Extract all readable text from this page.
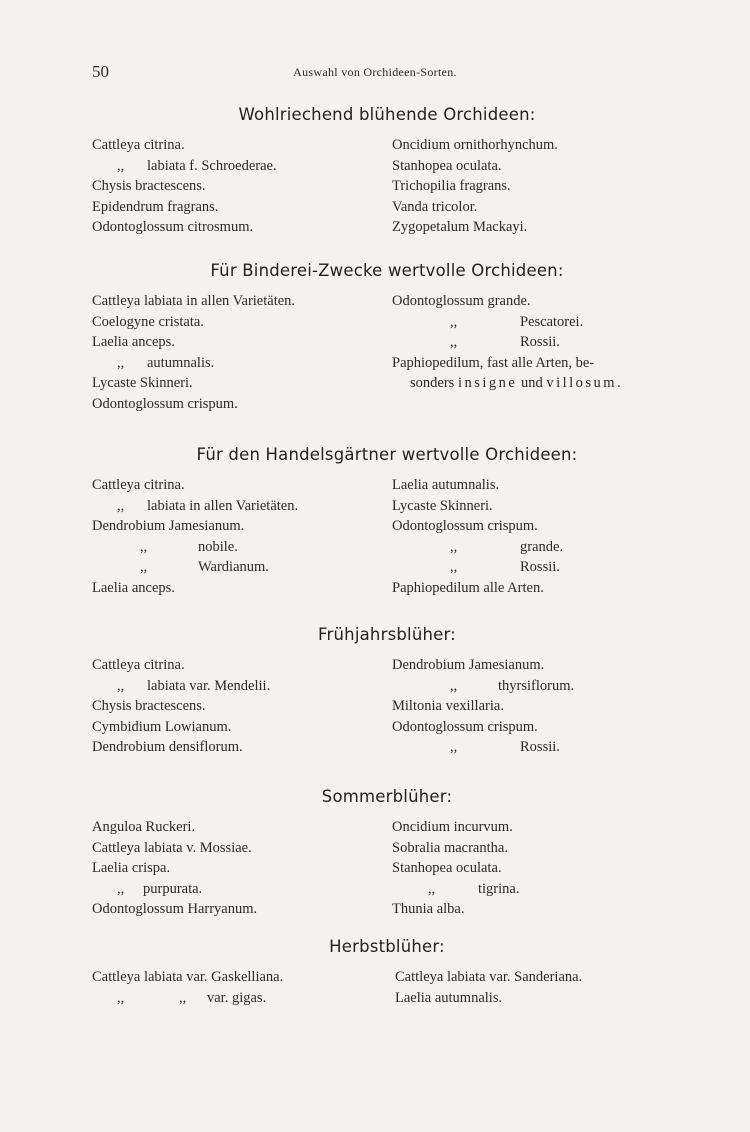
50	Auswahl von Orchideen-Sorten.
Wohlriechend blühende Orchideen:
Cattleya citrina.
,, labiata f. Schroederae.
Chysis bractescens.
Epidendrum fragrans.
Odontoglossum citrosmum.
Oncidium ornithorhynchum.
Stanhopea oculata.
Trichopilia fragrans.
Vanda tricolor.
Zygopetalum Mackayi.
Für Binderei-Zwecke wertvolle Orchideen:
Cattleya labiata in allen Varietäten.
Coelogyne cristata.
Laelia anceps.
,, autumnalis.
Lycaste Skinneri.
Odontoglossum crispum.
Odontoglossum grande.
,,	Pescatorei.
,,	Rossii.
Paphiopedilum, fast alle Arten, be-
sonders insigne und villosum.
Für den Handelsgärtner wertvolle Orchideen:
Cattleya citrina.
,, labiata in allen Varietäten.
Dendrobium Jamesianum.
,,	nobile.
,,	Wardianum.
Laelia anceps.
Laelia autumnalis.
Lycaste Skinneri.
Odontoglossum crispum.
,,	grande.
,,	Rossii.
Paphiopedilum alle Arten.
Frühjahrsblüher:
Cattleya citrina.
,, labiata var. Mendelii.
Chysis bractescens.
Cymbidium Lowianum.
Dendrobium densiflorum.
Dendrobium Jamesianum.
,,	thyrsiflorum.
Miltonia vexillaria.
Odontoglossum crispum.
,,	Rossii.
Sommerblüher:
Anguloa Ruckeri.
Cattleya labiata v. Mossiae.
Laelia crispa.
,, purpurata.
Odontoglossum Harryanum.
Oncidium incurvum.
Sobralia macrantha.
Stanhopea oculata.
,,	tigrina.
Thunia alba.
Herbstblüher:
Cattleya labiata var. Gaskelliana.
,,	,, var. gigas.
Cattleya labiata var. Sanderiana.
Laelia autumnalis.
